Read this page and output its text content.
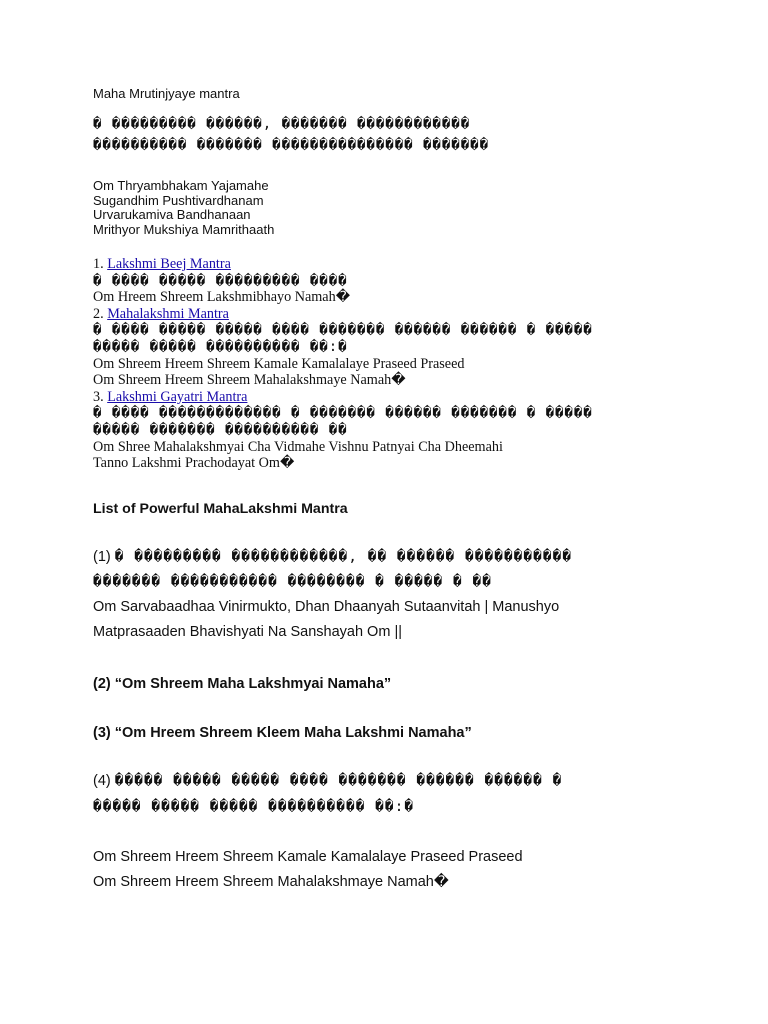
Maha Mrutinjyaye mantra
� ��������� ������, ������� ������������
���������� ������� ��������������� �������
Om Thryambhakam Yajamahe
Sugandhim Pushtivardhanam
Urvarukamiva Bandhanaan
Mrithyor Mukshiya Mamrithaath
1. Lakshmi Beej Mantra
� ���� ����� ��������� ����
Om Hreem Shreem Lakshmibhayo Namah�
2. Mahalakshmi Mantra
� ���� ����� ����� ���� ������� ������ ������ � �����
����� ����� ���������� ��:�
Om Shreem Hreem Shreem Kamale Kamalalaye Praseed Praseed
Om Shreem Hreem Shreem Mahalakshmaye Namah�
3. Lakshmi Gayatri Mantra
� ���� ������������� � ������� ������ ������� � �����
����� ������� ���������� ��
Om Shree Mahalakshmyai Cha Vidmahe Vishnu Patnyai Cha Dheemahi
Tanno Lakshmi Prachodayat Om�
List of Powerful MahaLakshmi Mantra
(1) � ��������� ������������, �� ������ �����������
������� ����������� �������� � ����� � ��
Om Sarvabaadhaa Vinirmukto, Dhan Dhaanyah Sutaanvitah | Manushyo
Matprasaaden Bhavishyati Na Sanshayah Om ||
(2) “Om Shreem Maha Lakshmyai Namaha”
(3) “Om Hreem Shreem Kleem Maha Lakshmi Namaha”
(4) ����� ����� ����� ���� ������� ������ ������ �
����� ����� ����� ���������� ��:�
Om Shreem Hreem Shreem Kamale Kamalalaye Praseed Praseed
Om Shreem Hreem Shreem Mahalakshmaye Namah�
